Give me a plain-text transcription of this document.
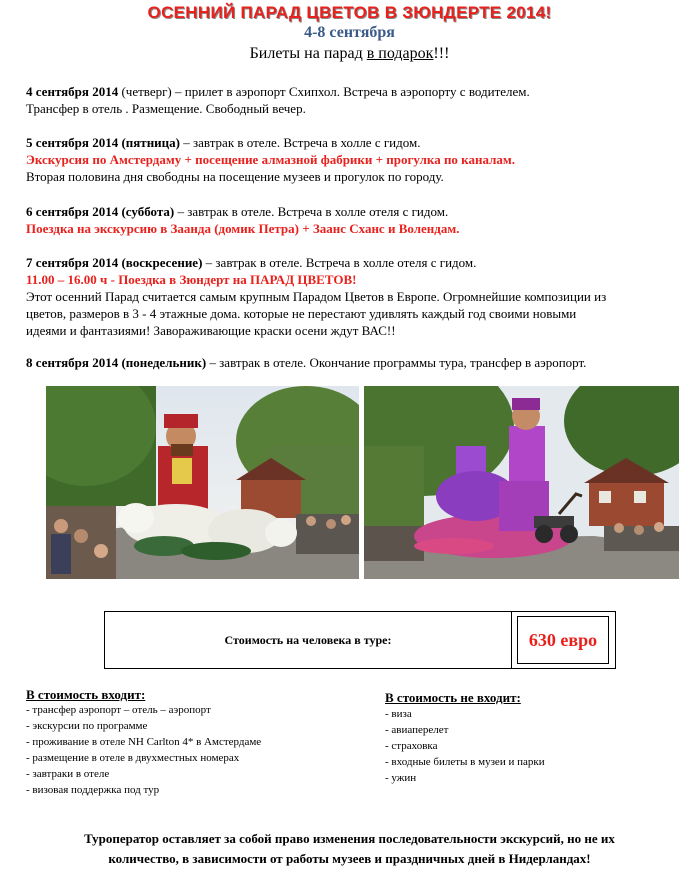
ОСЕННИЙ ПАРАД ЦВЕТОВ В ЗЮНДЕРТЕ 2014!
4-8 сентября
Билеты на парад в подарок!!!
4 сентября 2014 (четверг) – прилет в аэропорт Схипхол. Встреча в аэропорту с водителем.
Трансфер в отель . Размещение. Свободный вечер.
5 сентября 2014 (пятница) – завтрак в отеле. Встреча в холле с гидом.
Экскурсия по Амстердаму + посещение алмазной фабрики + прогулка по каналам.
Вторая половина дня свободны на посещение музеев и прогулок по городу.
6 сентября 2014 (суббота) – завтрак в отеле. Встреча в холле отеля с гидом.
Поездка на экскурсию в Заанда (домик Петра) + Заанс Сханс и Волендам.
7 сентября 2014 (воскресение) – завтрак в отеле. Встреча в холле отеля с гидом.
11.00 – 16.00 ч - Поездка в Зюндерт на ПАРАД ЦВЕТОВ!
Этот осенний Парад считается самым крупным Парадом Цветов в Европе. Огромнейшие композиции из
цветов, размеров в 3 - 4 этажные дома. которые не перестают удивлять каждый год своими новыми
идеями и фантазиями! Завораживающие краски осени ждут ВАС!!
8 сентября 2014 (понедельник) – завтрак в отеле. Окончание программы тура, трансфер в аэропорт.
Стоимость на человека в туре:	630 евро
В стоимость входит:
- трансфер аэропорт – отель – аэропорт
- экскурсии по программе
- проживание в отеле NH Carlton 4* в Амстердаме
- размещение в отеле в двухместных номерах
- завтраки в отеле
- визовая поддержка под тур
В стоимость не входит:
- виза
- авиаперелет
- страховка
- входные билеты в музеи и парки
- ужин
Туроператор оставляет за собой право изменения последовательности экскурсий, но не их
количество, в зависимости от работы музеев и праздничных дней в Нидерландах!
